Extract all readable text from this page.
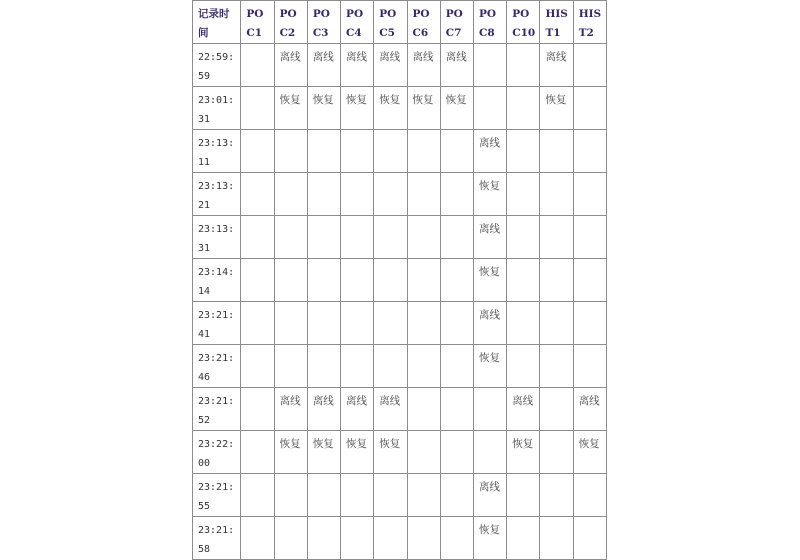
记录时间	POC1	POC2	POC3	POC4	POC5	POC6	POC7	POC8	POC10	HIST1	HIST2
22:59:59		离线	离线	离线	离线	离线	离线			离线	
23:01:31		恢复	恢复	恢复	恢复	恢复	恢复			恢复	
23:13:11								离线			
23:13:21								恢复			
23:13:31								离线			
23:14:14								恢复			
23:21:41								离线			
23:21:46								恢复			
23:21:52		离线	离线	离线	离线				离线		离线
23:22:00		恢复	恢复	恢复	恢复				恢复		恢复
23:21:55								离线			
23:21:58								恢复			
